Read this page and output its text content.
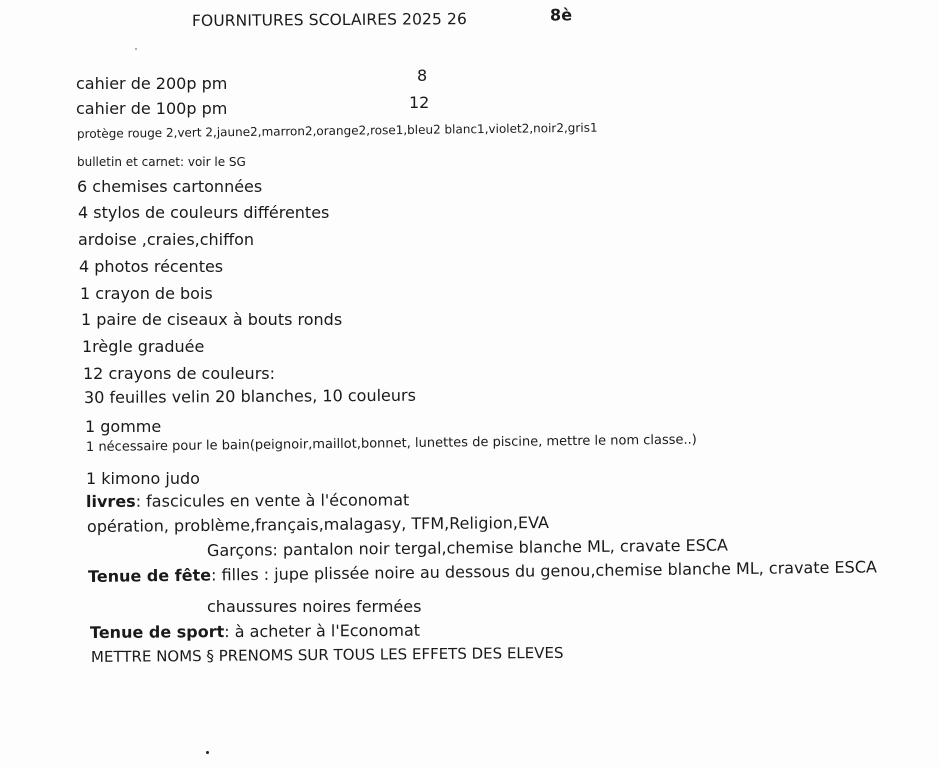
FOURNITURES SCOLAIRES 2025 26	8è
cahier de 200p pm	8
cahier de 100p pm	12
protège rouge 2,vert 2,jaune2,marron2,orange2,rose1,bleu2 blanc1,violet2,noir2,gris1
bulletin et carnet: voir le SG
6 chemises cartonnées
4 stylos de couleurs différentes
ardoise ,craies,chiffon
4 photos récentes
1 crayon de bois
1 paire de ciseaux à bouts ronds
1règle graduée
12 crayons de couleurs:
30 feuilles velin 20 blanches, 10 couleurs
1 gomme
1 nécessaire pour le bain(peignoir,maillot,bonnet, lunettes de piscine, mettre le nom classe..)
1 kimono judo
livres: fascicules en vente à l'économat
opération, problème,français,malagasy, TFM,Religion,EVA
Garçons: pantalon noir tergal,chemise blanche ML, cravate ESCA
Tenue de fête: filles : jupe plissée noire au dessous du genou,chemise blanche ML, cravate ESCA
chaussures noires fermées
Tenue de sport: à acheter à l'Economat
METTRE NOMS § PRENOMS SUR TOUS LES EFFETS DES ELEVES
